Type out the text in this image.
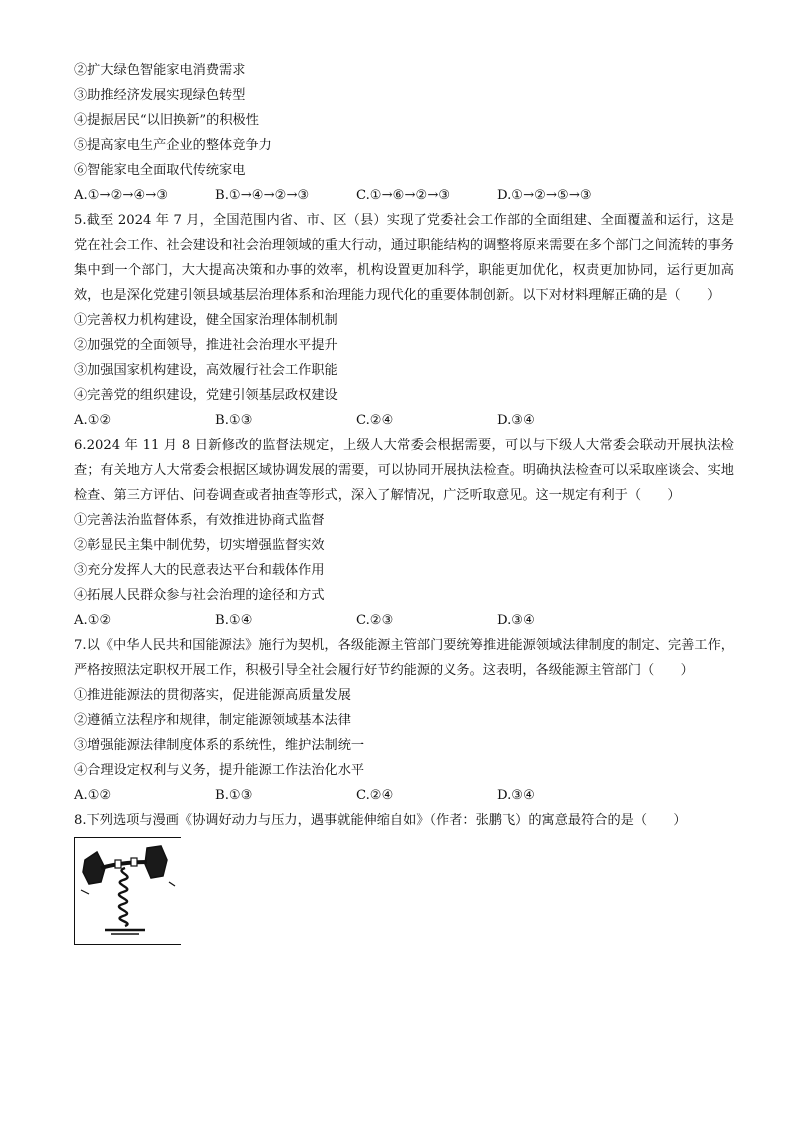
②扩大绿色智能家电消费需求
③助推经济发展实现绿色转型
④提振居民“以旧换新”的积极性
⑤提高家电生产企业的整体竞争力
⑥智能家电全面取代传统家电
A.①→②→④→③	B.①→④→②→③	C.①→⑥→②→③	D.①→②→⑤→③
5.截至 2024 年 7 月，全国范围内省、市、区（县）实现了党委社会工作部的全面组建、全面覆盖和运行，这是党在社会工作、社会建设和社会治理领域的重大行动，通过职能结构的调整将原来需要在多个部门之间流转的事务集中到一个部门，大大提高决策和办事的效率，机构设置更加科学，职能更加优化，权责更加协同，运行更加高效，也是深化党建引领县域基层治理体系和治理能力现代化的重要体制创新。以下对材料理解正确的是（　　）
①完善权力机构建设，健全国家治理体制机制
②加强党的全面领导，推进社会治理水平提升
③加强国家机构建设，高效履行社会工作职能
④完善党的组织建设，党建引领基层政权建设
A.①②	B.①③	C.②④	D.③④
6.2024 年 11 月 8 日新修改的监督法规定，上级人大常委会根据需要，可以与下级人大常委会联动开展执法检查；有关地方人大常委会根据区域协调发展的需要，可以协同开展执法检查。明确执法检查可以采取座谈会、实地检查、第三方评估、问卷调查或者抽查等形式，深入了解情况，广泛听取意见。这一规定有利于（　　）
①完善法治监督体系，有效推进协商式监督
②彰显民主集中制优势，切实增强监督实效
③充分发挥人大的民意表达平台和载体作用
④拓展人民群众参与社会治理的途径和方式
A.①②	B.①④	C.②③	D.③④
7.以《中华人民共和国能源法》施行为契机，各级能源主管部门要统筹推进能源领域法律制度的制定、完善工作，严格按照法定职权开展工作，积极引导全社会履行好节约能源的义务。这表明，各级能源主管部门（　　）
①推进能源法的贯彻落实，促进能源高质量发展
②遵循立法程序和规律，制定能源领域基本法律
③增强能源法律制度体系的系统性，维护法制统一
④合理设定权利与义务，提升能源工作法治化水平
A.①②	B.①③	C.②④	D.③④
8.下列选项与漫画《协调好动力与压力，遇事就能伸缩自如》（作者：张鹏飞）的寓意最符合的是（　　）
